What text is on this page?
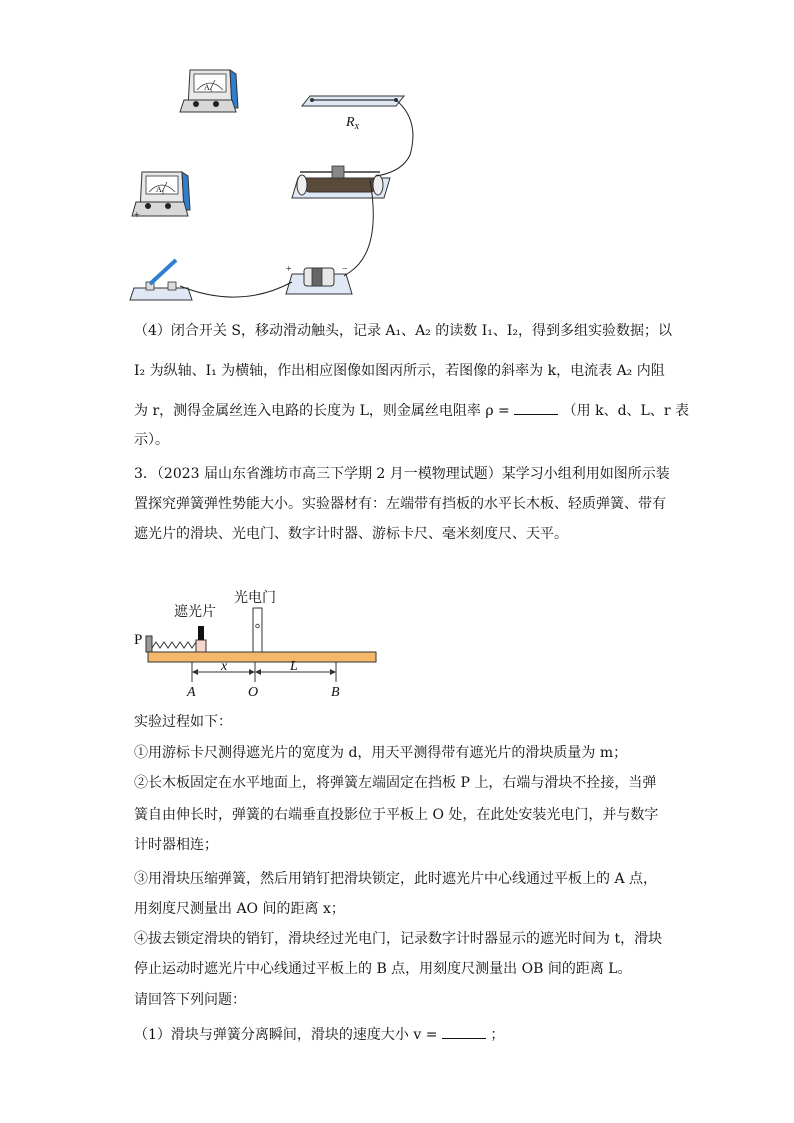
A₁
A₂
+
$R_x$
+	−
（4）闭合开关 S，移动滑动触头，记录 A₁、A₂ 的读数 I₁、I₂，得到多组实验数据；以
I₂ 为纵轴、I₁ 为横轴，作出相应图像如图丙所示，若图像的斜率为 k，电流表 A₂ 内阻
为 r，测得金属丝连入电路的长度为 L，则金属丝电阻率 ρ =	（用 k、d、L、r 表
示）。
3．（2023 届山东省潍坊市高三下学期 2 月一模物理试题）某学习小组利用如图所示装
置探究弹簧弹性势能大小。实验器材有：左端带有挡板的水平长木板、轻质弹簧、带有
遮光片的滑块、光电门、数字计时器、游标卡尺、毫米刻度尺、天平。
光电门
遮光片
P
x	L
A	O	B
实验过程如下：
①用游标卡尺测得遮光片的宽度为 d，用天平测得带有遮光片的滑块质量为 m；
②长木板固定在水平地面上，将弹簧左端固定在挡板 P 上，右端与滑块不拴接，当弹
簧自由伸长时，弹簧的右端垂直投影位于平板上 O 处，在此处安装光电门，并与数字
计时器相连；
③用滑块压缩弹簧，然后用销钉把滑块锁定，此时遮光片中心线通过平板上的 A 点，
用刻度尺测量出 AO 间的距离 x；
④拔去锁定滑块的销钉，滑块经过光电门，记录数字计时器显示的遮光时间为 t，滑块
停止运动时遮光片中心线通过平板上的 B 点，用刻度尺测量出 OB 间的距离 L。
请回答下列问题：
（1）滑块与弹簧分离瞬间，滑块的速度大小 v =	；
